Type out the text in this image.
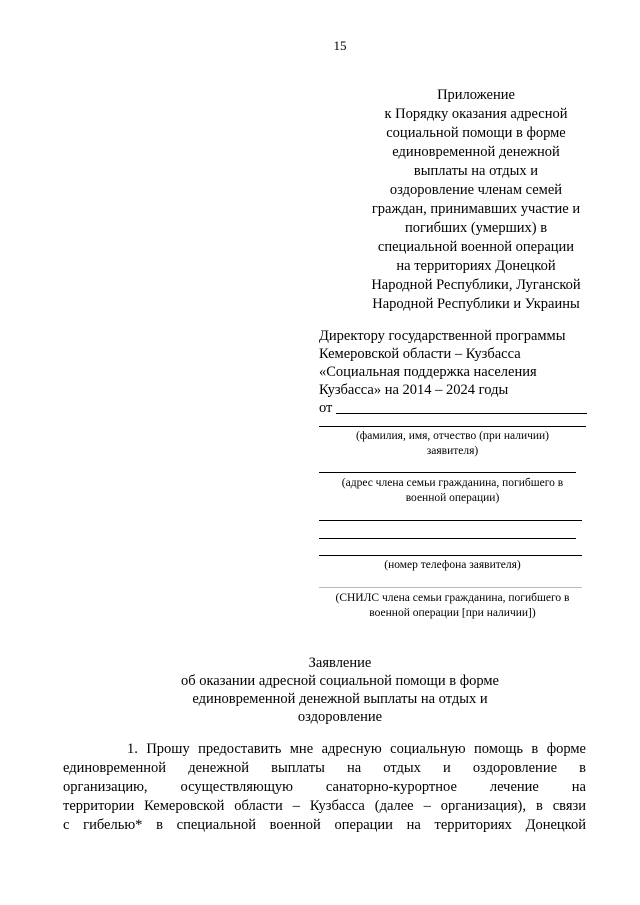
15
Приложение
к Порядку оказания адресной
социальной помощи в форме
единовременной денежной
выплаты на отдых и
оздоровление членам семей
граждан, принимавших участие и
погибших (умерших) в
специальной военной операции
на территориях Донецкой
Народной Республики, Луганской
Народной Республики и Украины
Директору государственной программы
Кемеровской области – Кузбасса
«Социальная поддержка населения
Кузбасса» на 2014 – 2024 годы
от
(фамилия, имя, отчество (при наличии)
заявителя)
(адрес члена семьи гражданина, погибшего в
военной операции)
(номер телефона заявителя)
(СНИЛС члена семьи гражданина, погибшего в
военной операции [при наличии])
Заявление
об оказании адресной социальной помощи в форме
единовременной денежной выплаты на отдых и
оздоровление
1. Прошу предоставить мне адресную социальную помощь в форме
единовременной денежной выплаты на отдых и оздоровление в
организацию, осуществляющую санаторно-курортное лечение на
территории Кемеровской области – Кузбасса (далее – организация), в связи
с гибелью* в специальной военной операции на территориях Донецкой
